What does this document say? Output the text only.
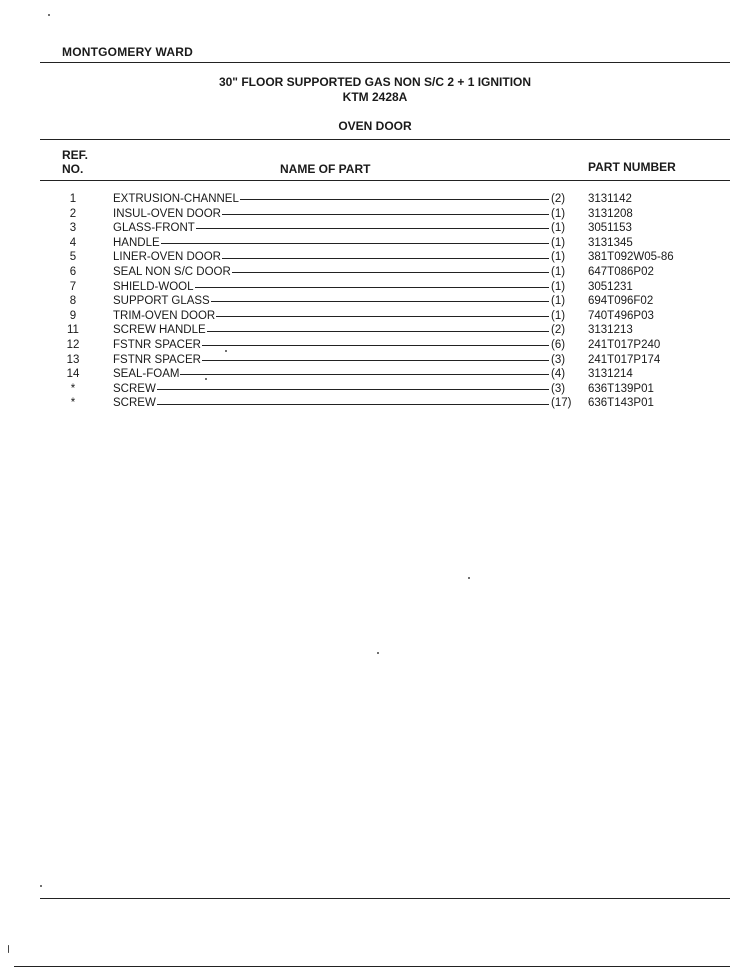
MONTGOMERY WARD
30" FLOOR SUPPORTED GAS NON S/C 2 + 1 IGNITION
KTM 2428A
OVEN DOOR
REF.
NO.	NAME OF PART	PART NUMBER
1	EXTRUSION-CHANNEL	(2)	3131142
2	INSUL-OVEN DOOR	(1)	3131208
3	GLASS-FRONT	(1)	3051153
4	HANDLE	(1)	3131345
5	LINER-OVEN DOOR	(1)	381T092W05-86
6	SEAL NON S/C DOOR	(1)	647T086P02
7	SHIELD-WOOL	(1)	3051231
8	SUPPORT GLASS	(1)	694T096F02
9	TRIM-OVEN DOOR	(1)	740T496P03
11	SCREW HANDLE	(2)	3131213
12	FSTNR SPACER	(6)	241T017P240
13	FSTNR SPACER	(3)	241T017P174
14	SEAL-FOAM	(4)	3131214
*	SCREW	(3)	636T139P01
*	SCREW	(17)	636T143P01
